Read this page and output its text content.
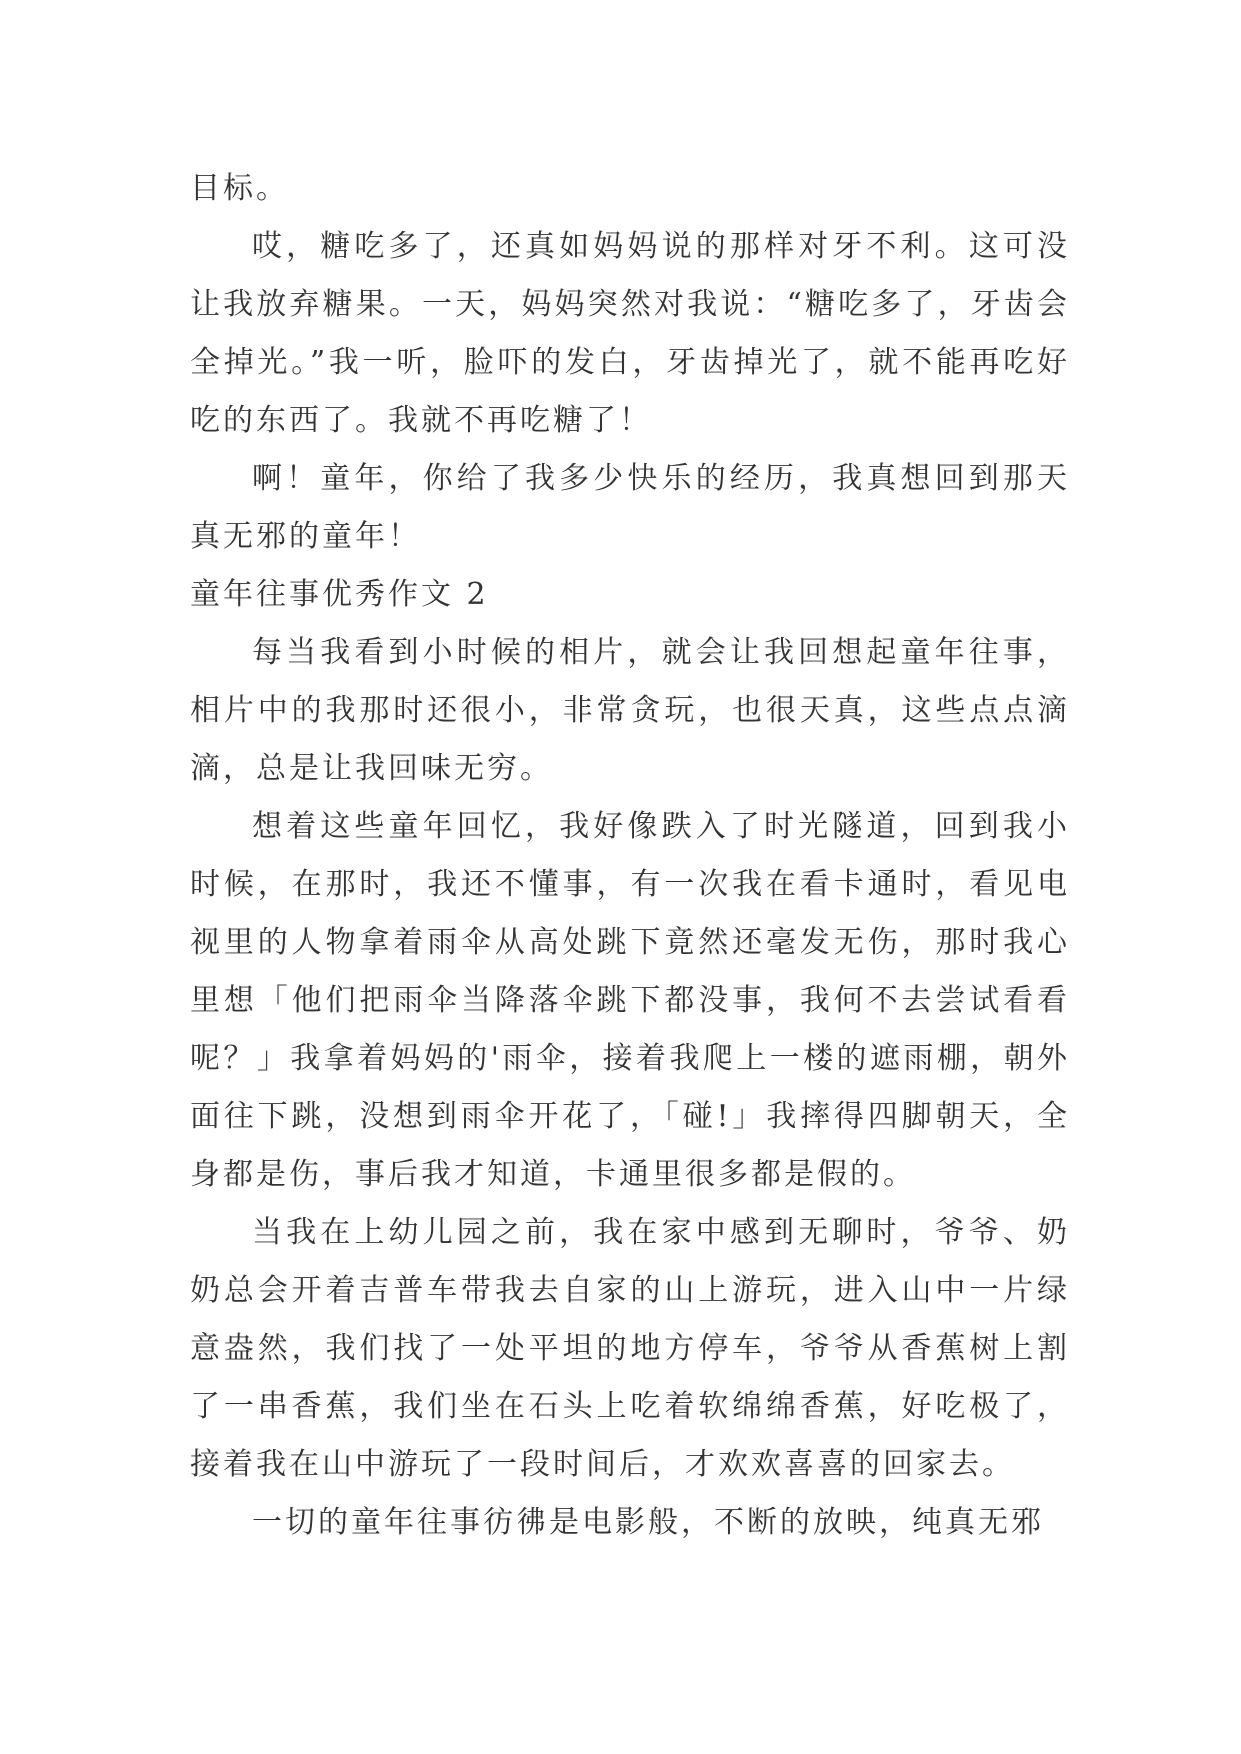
目标。

哎，糖吃多了，还真如妈妈说的那样对牙不利。这可没让我放弃糖果。一天，妈妈突然对我说：“糖吃多了，牙齿会全掉光。”我一听，脸吓的发白，牙齿掉光了，就不能再吃好吃的东西了。我就不再吃糖了！

啊！童年，你给了我多少快乐的经历，我真想回到那天真无邪的童年！

童年往事优秀作文 2

每当我看到小时候的相片，就会让我回想起童年往事，相片中的我那时还很小，非常贪玩，也很天真，这些点点滴滴，总是让我回味无穷。

想着这些童年回忆，我好像跌入了时光隧道，回到我小时候，在那时，我还不懂事，有一次我在看卡通时，看见电视里的人物拿着雨伞从高处跳下竟然还毫发无伤，那时我心里想「他们把雨伞当降落伞跳下都没事，我何不去尝试看看呢？」我拿着妈妈的'雨伞，接着我爬上一楼的遮雨棚，朝外面往下跳，没想到雨伞开花了，「碰!」我摔得四脚朝天，全身都是伤，事后我才知道，卡通里很多都是假的。

当我在上幼儿园之前，我在家中感到无聊时，爷爷、奶奶总会开着吉普车带我去自家的山上游玩，进入山中一片绿意盎然，我们找了一处平坦的地方停车，爷爷从香蕉树上割了一串香蕉，我们坐在石头上吃着软绵绵香蕉，好吃极了，接着我在山中游玩了一段时间后，才欢欢喜喜的回家去。

一切的童年往事彷彿是电影般，不断的放映，纯真无邪
